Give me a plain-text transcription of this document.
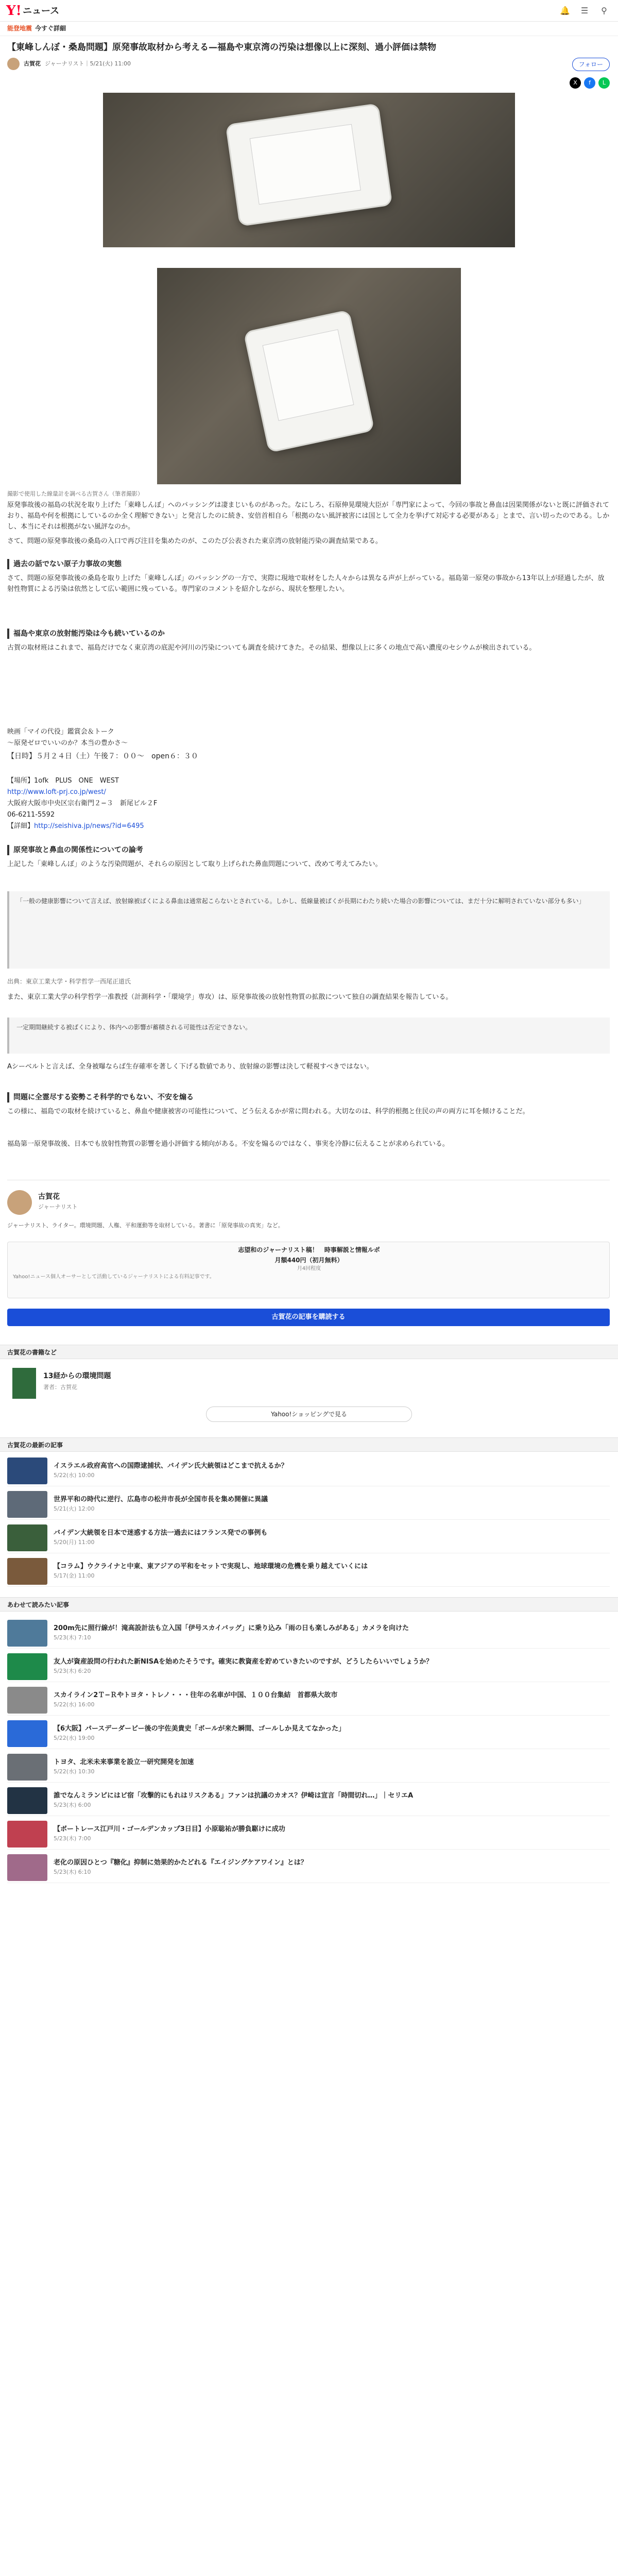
Y! ニュース	🔔 ☰	⚲
能登地震 今すぐ詳細
【東峰しんぼ・桑島問題】原発事故取材から考える—福島や東京湾の汚染は想像以上に深刻、過小評価は禁物
古賀花 ジャーナリスト｜5/21(火) 11:00	フォロー
X	f	L
撮影で使用した線量計を調べる古賀さん（筆者撮影）
原発事故後の福島の状況を取り上げた「東峰しんぼ」へのバッシングは凄まじいものがあった。なにしろ、石原伸晃環境大臣が「専門家によって、今回の事故と鼻血は因果関係がないと既に評価されており、福島や何を根拠にしているのか全く理解できない」と発言したのに続き、安倍首相自ら「根拠のない風評被害には国として全力を挙げて対応する必要がある」とまで、言い切ったのである。しかし、本当にそれは根拠がない風評なのか。
さて、問題の原発事故後の桑島の入口で再び注目を集めたのが、このたび公表された東京湾の放射能汚染の調査結果である。
過去の話でない原子力事故の実態
さて、問題の原発事故後の桑島を取り上げた「東峰しんぼ」のバッシングの一方で、実際に現地で取材をした人々からは異なる声が上がっている。福島第一原発の事故から13年以上が経過したが、放射性物質による汚染は依然として広い範囲に残っている。専門家のコメントを紹介しながら、現状を整理したい。
福島や東京の放射能汚染は今も続いているのか
古賀の取材班はこれまで、福島だけでなく東京湾の底泥や河川の汚染についても調査を続けてきた。その結果、想像以上に多くの地点で高い濃度のセシウムが検出されている。
映画「マイの代役」鑑賞会＆トーク
〜原発ゼロでいいのか？本当の豊かさ〜
【日時】５月２４日（土）午後７：００〜　open６：３０
【場所】1ofk　PLUS　ONE　WEST
http://www.loft-prj.co.jp/west/
大阪府大阪市中央区宗右衛門２−３　新尾ビル２F
06-6211-5592
【詳細】http://seishiva.jp/news/?id=6495
原発事故と鼻血の関係性についての論考
上記した「東峰しんぼ」のような汚染問題が、それらの原因として取り上げられた鼻血問題について、改めて考えてみたい。
「一般の健康影響について言えば、放射線被ばくによる鼻血は通常起こらないとされている。しかし、低線量被ばくが長期にわたり続いた場合の影響については、まだ十分に解明されていない部分も多い」
出典：東京工業大学・科学哲学一西尾正道氏
また、東京工業大学の科学哲学一准教授（計測科学・「環境学」専攻）は、原発事故後の放射性物質の拡散について独自の調査結果を報告している。
一定期間継続する被ばくにより、体内への影響が蓄積される可能性は否定できない。
Aシーベルトと言えば、全身被曝ならば生存確率を著しく下げる数値であり、放射線の影響は決して軽視すべきではない。
問題に全霊尽する姿勢こそ科学的でもない、不安を煽る
この様に、福島での取材を続けていると、鼻血や健康被害の可能性について、どう伝えるかが常に問われる。大切なのは、科学的根拠と住民の声の両方に耳を傾けることだ。
福島第一原発事故後、日本でも放射性物質の影響を過小評価する傾向がある。不安を煽るのではなく、事実を冷静に伝えることが求められている。
古賀花
ジャーナリスト
ジャーナリスト、ライター。環境問題、人権、平和運動等を取材している。著書に「原発事故の真実」など。
志望和のジャーナリスト稿！　時事解説と情報ルポ
月額440円（初月無料）
月4回程度
Yahoo!ニュース個人オーサーとして活動しているジャーナリストによる有料記事です。
古賀花の記事を購読する
古賀花の書籍など
13経からの環境問題
著者：古賀花
Yahoo!ショッピングで見る
古賀花の最新の記事
イスラエル政府高官への国際逮捕状、バイデン氏大統領はどこまで抗えるか？
5/22(水) 10:00
世界平和の時代に逆行、広島市の松井市長が全国市長を集め開催に異議
5/21(火) 12:00
バイデン大統領を日本で迷惑する方法一過去にはフランス発での事例も
5/20(月) 11:00
【コラム】ウクライナと中東、東アジアの平和をセットで実現し、地球環境の危機を乗り越えていくには
5/17(金) 11:00
あわせて読みたい記事
200m先に照行線が！滝高設計法も立入国「伊号スカイバッグ」に乗り込み「雨の日も楽しみがある」カメラを向けた
5/23(木) 7:10
友人が資産設問の行われた新NISAを始めたそうです。確実に教資産を貯めていきたいのですが、どうしたらいいでしょうか？
5/23(木) 6:20
スカイライン2Ｔ−Ｒやトヨタ・トレノ・・・往年の名車が中国、１００台集結　首都県大故市
5/22(水) 16:00
【6大阪】パースデーダービー後の宇佐美貴史「ボールが来た瞬間、ゴールしか見えてなかった」
5/22(水) 19:00
トヨタ、北米未来事業を設立一研究開発を加速
5/22(水) 10:30
誰でなんミランピにはビ宿「攻撃的にもれはリスクある」ファンは抗議のカオス？伊崎は宣言「時間切れ…」｜セリエA
5/23(木) 6:00
【ボートレース江戸川・ゴールデンカップ3日目】小原聡祐が勝負駆けに成功
5/23(木) 7:00
老化の原因ひとつ『糖化』抑制に効果的かたどれる『エイジングケアワイン』とは？
5/23(木) 6:10
